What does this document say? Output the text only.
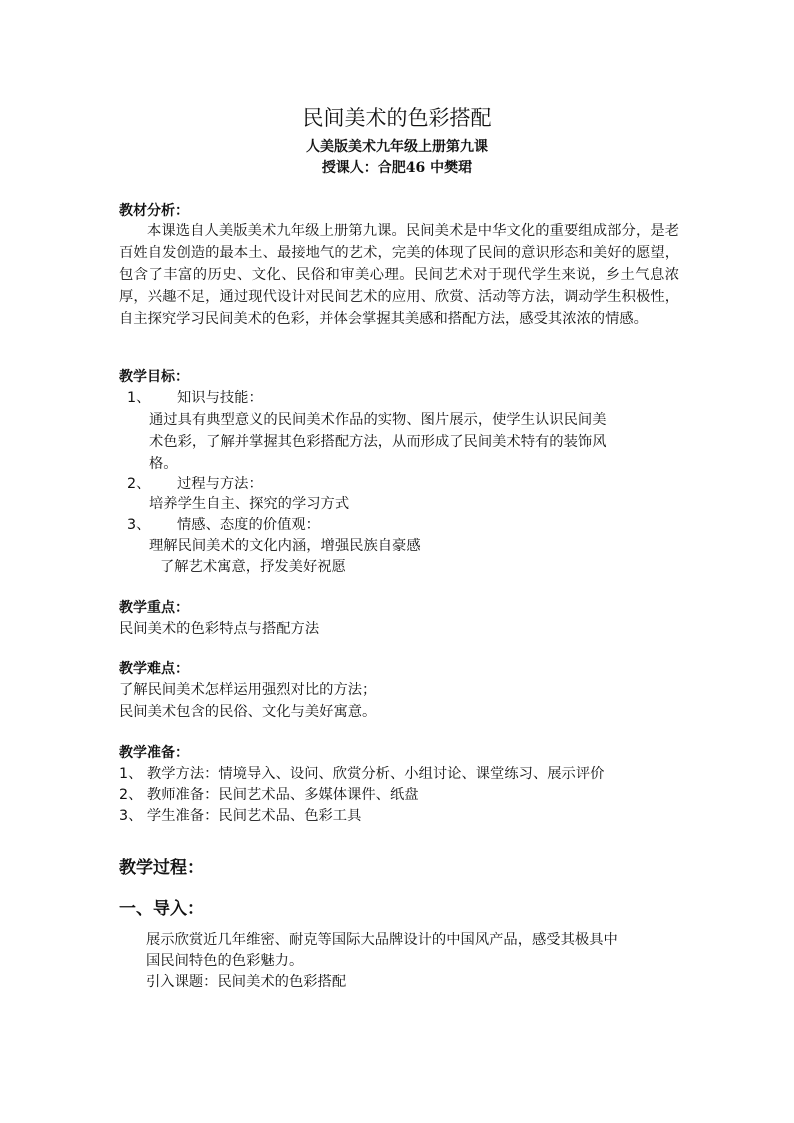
民间美术的色彩搭配
人美版美术九年级上册第九课
授课人：合肥46 中樊珺
教材分析：
本课选自人美版美术九年级上册第九课。民间美术是中华文化的重要组成部分，是老百姓自发创造的最本土、最接地气的艺术，完美的体现了民间的意识形态和美好的愿望，包含了丰富的历史、文化、民俗和审美心理。民间艺术对于现代学生来说，乡土气息浓厚，兴趣不足，通过现代设计对民间艺术的应用、欣赏、活动等方法，调动学生积极性，自主探究学习民间美术的色彩，并体会掌握其美感和搭配方法，感受其浓浓的情感。
教学目标：
1、 知识与技能：
通过具有典型意义的民间美术作品的实物、图片展示，使学生认识民间美
术色彩，了解并掌握其色彩搭配方法，从而形成了民间美术特有的装饰风
格。
2、 过程与方法：
培养学生自主、探究的学习方式
3、 情感、态度的价值观：
理解民间美术的文化内涵，增强民族自豪感
了解艺术寓意，抒发美好祝愿
教学重点：
民间美术的色彩特点与搭配方法
教学难点：
了解民间美术怎样运用强烈对比的方法；
民间美术包含的民俗、文化与美好寓意。
教学准备：
1、 教学方法：情境导入、设问、欣赏分析、小组讨论、课堂练习、展示评价
2、 教师准备：民间艺术品、多媒体课件、纸盘
3、 学生准备：民间艺术品、色彩工具
教学过程：
一、导入：
展示欣赏近几年维密、耐克等国际大品牌设计的中国风产品，感受其极具中
国民间特色的色彩魅力。
引入课题：民间美术的色彩搭配
